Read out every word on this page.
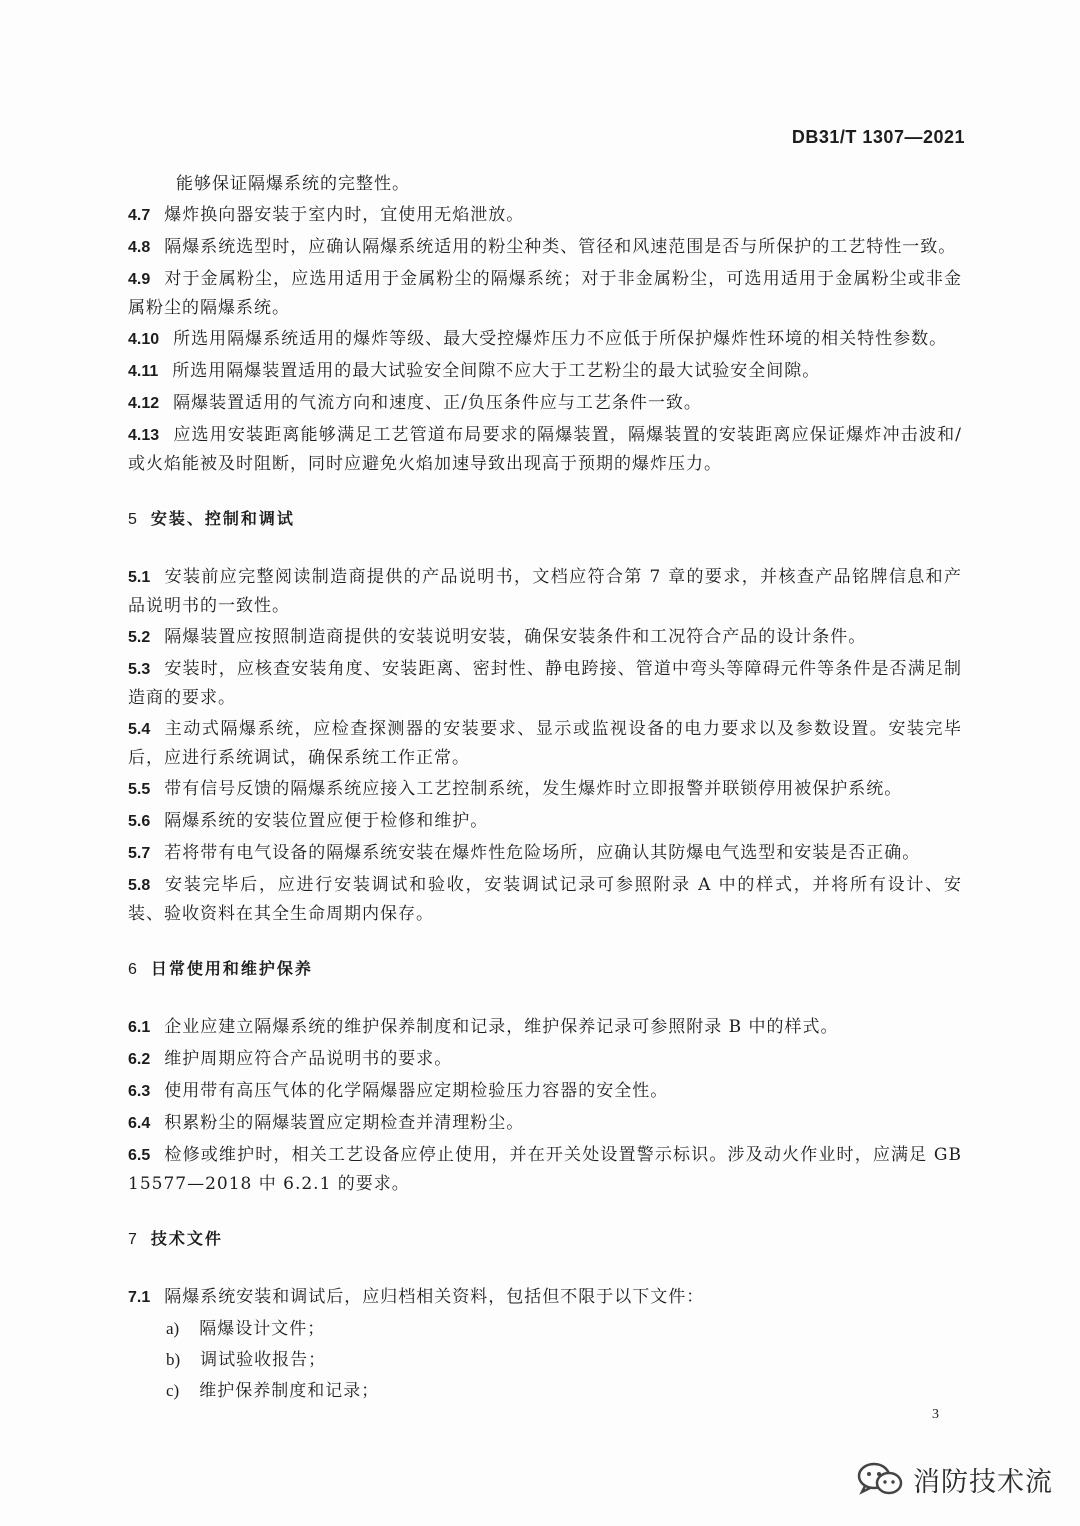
DB31/T 1307—2021
能够保证隔爆系统的完整性。
4.7 爆炸换向器安装于室内时，宜使用无焰泄放。
4.8 隔爆系统选型时，应确认隔爆系统适用的粉尘种类、管径和风速范围是否与所保护的工艺特性一致。
4.9 对于金属粉尘，应选用适用于金属粉尘的隔爆系统；对于非金属粉尘，可选用适用于金属粉尘或非金属粉尘的隔爆系统。
4.10 所选用隔爆系统适用的爆炸等级、最大受控爆炸压力不应低于所保护爆炸性环境的相关特性参数。
4.11 所选用隔爆装置适用的最大试验安全间隙不应大于工艺粉尘的最大试验安全间隙。
4.12 隔爆装置适用的气流方向和速度、正/负压条件应与工艺条件一致。
4.13 应选用安装距离能够满足工艺管道布局要求的隔爆装置，隔爆装置的安装距离应保证爆炸冲击波和/或火焰能被及时阻断，同时应避免火焰加速导致出现高于预期的爆炸压力。
5 安装、控制和调试
5.1 安装前应完整阅读制造商提供的产品说明书，文档应符合第 7 章的要求，并核查产品铭牌信息和产品说明书的一致性。
5.2 隔爆装置应按照制造商提供的安装说明安装，确保安装条件和工况符合产品的设计条件。
5.3 安装时，应核查安装角度、安装距离、密封性、静电跨接、管道中弯头等障碍元件等条件是否满足制造商的要求。
5.4 主动式隔爆系统，应检查探测器的安装要求、显示或监视设备的电力要求以及参数设置。安装完毕后，应进行系统调试，确保系统工作正常。
5.5 带有信号反馈的隔爆系统应接入工艺控制系统，发生爆炸时立即报警并联锁停用被保护系统。
5.6 隔爆系统的安装位置应便于检修和维护。
5.7 若将带有电气设备的隔爆系统安装在爆炸性危险场所，应确认其防爆电气选型和安装是否正确。
5.8 安装完毕后，应进行安装调试和验收，安装调试记录可参照附录 A 中的样式，并将所有设计、安装、验收资料在其全生命周期内保存。
6 日常使用和维护保养
6.1 企业应建立隔爆系统的维护保养制度和记录，维护保养记录可参照附录 B 中的样式。
6.2 维护周期应符合产品说明书的要求。
6.3 使用带有高压气体的化学隔爆器应定期检验压力容器的安全性。
6.4 积累粉尘的隔爆装置应定期检查并清理粉尘。
6.5 检修或维护时，相关工艺设备应停止使用，并在开关处设置警示标识。涉及动火作业时，应满足 GB 15577—2018 中 6.2.1 的要求。
7 技术文件
7.1 隔爆系统安装和调试后，应归档相关资料，包括但不限于以下文件：
a) 隔爆设计文件；
b) 调试验收报告；
c) 维护保养制度和记录；
3
消防技术流
